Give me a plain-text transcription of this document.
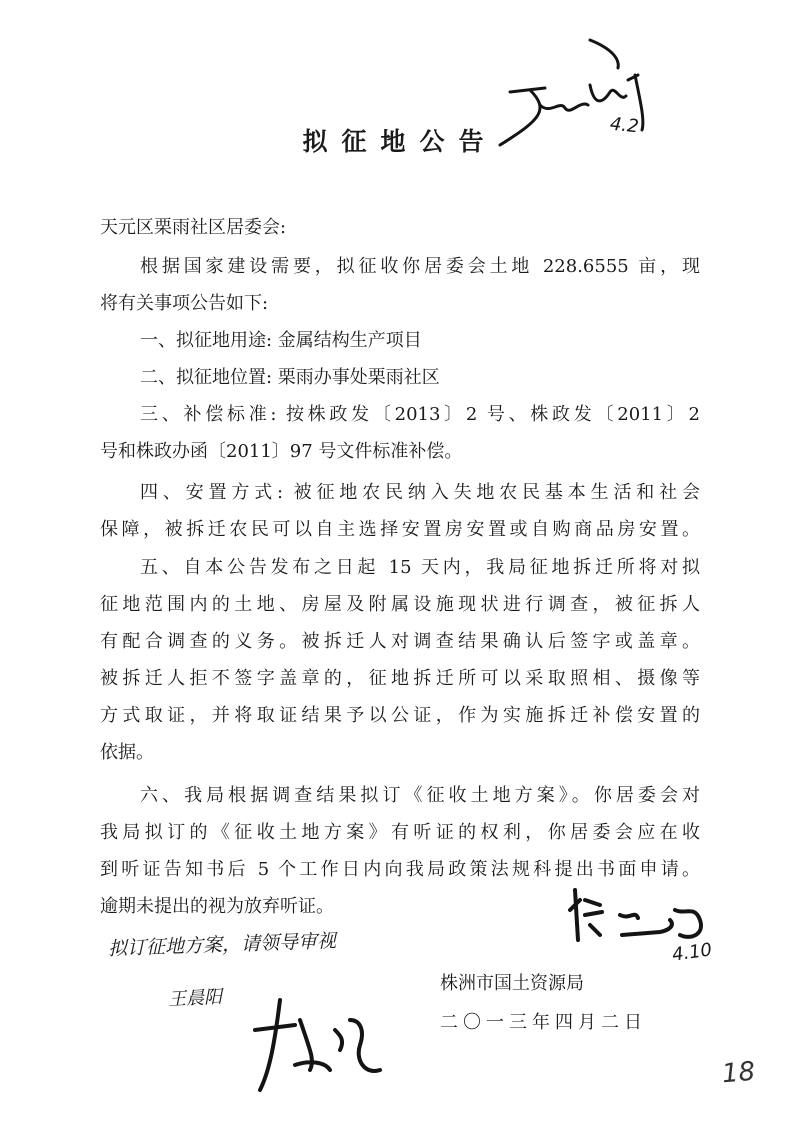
拟征地公告
天元区栗雨社区居委会:
根据国家建设需要，拟征收你居委会土地 228.6555 亩，现
将有关事项公告如下:
一、拟征地用途: 金属结构生产项目
二、拟征地位置: 栗雨办事处栗雨社区
三、补偿标准: 按株政发〔2013〕2 号、株政发〔2011〕2
号和株政办函〔2011〕97 号文件标准补偿。
四、安置方式: 被征地农民纳入失地农民基本生活和社会
保障，被拆迁农民可以自主选择安置房安置或自购商品房安置。
五、自本公告发布之日起 15 天内，我局征地拆迁所将对拟
征地范围内的土地、房屋及附属设施现状进行调查，被征拆人
有配合调查的义务。被拆迁人对调查结果确认后签字或盖章。
被拆迁人拒不签字盖章的，征地拆迁所可以采取照相、摄像等
方式取证，并将取证结果予以公证，作为实施拆迁补偿安置的
依据。
六、我局根据调查结果拟订《征收土地方案》。你居委会对
我局拟订的《征收土地方案》有听证的权利，你居委会应在收
到听证告知书后 5 个工作日内向我局政策法规科提出书面申请。
逾期未提出的视为放弃听证。
株洲市国土资源局
二〇一三年四月二日
4.2
4.10
拟订征地方案，请领导审视
王晨阳
18
